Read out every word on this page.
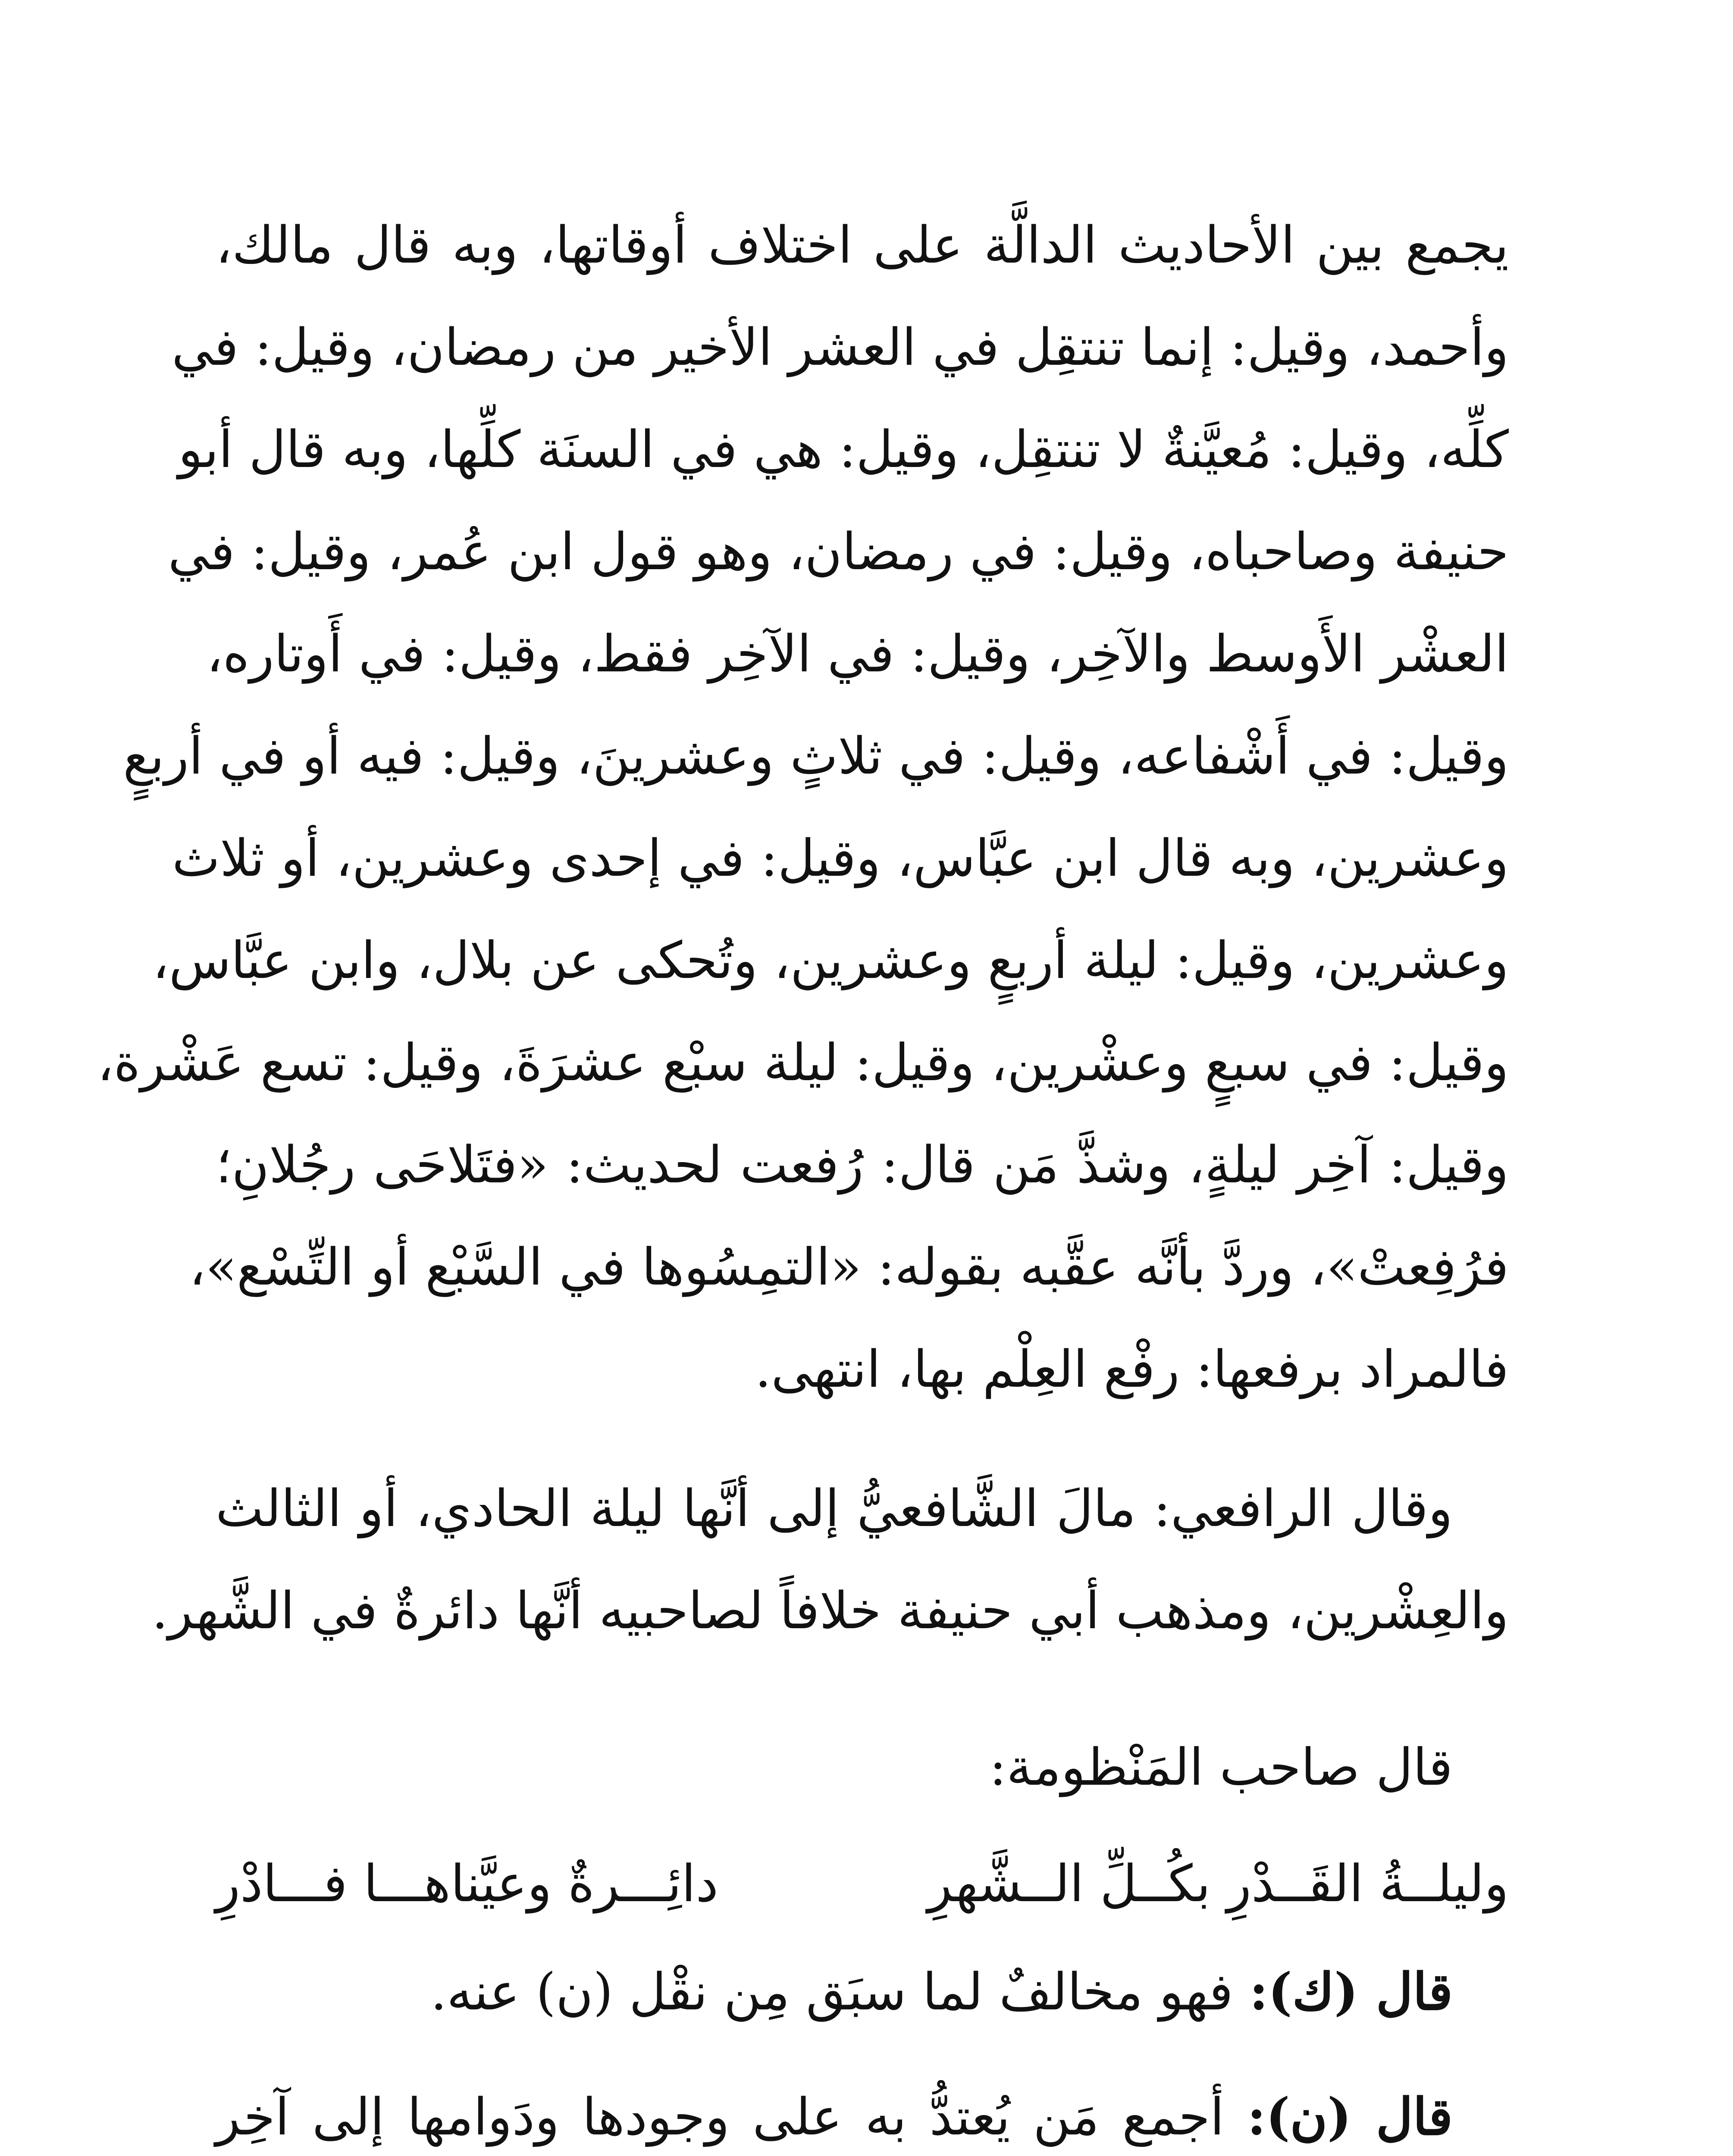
يجمع بين الأحاديث الدالَّة على اختلاف أوقاتها، وبه قال مالك،
وأحمد، وقيل: إنما تنتقِل في العشر الأخير من رمضان، وقيل: في
كلِّه، وقيل: مُعيَّنةٌ لا تنتقِل، وقيل: هي في السنَة كلِّها، وبه قال أبو
حنيفة وصاحباه، وقيل: في رمضان، وهو قول ابن عُمر، وقيل: في
العشْر الأَوسط والآخِر، وقيل: في الآخِر فقط، وقيل: في أَوتاره،
وقيل: في أَشْفاعه، وقيل: في ثلاثٍ وعشرينَ، وقيل: فيه أو في أربعٍ
وعشرين، وبه قال ابن عبَّاس، وقيل: في إحدى وعشرين، أو ثلاث
وعشرين، وقيل: ليلة أربعٍ وعشرين، وتُحكى عن بلال، وابن عبَّاس،
وقيل: في سبعٍ وعشْرين، وقيل: ليلة سبْع عشرَةَ، وقيل: تسع عَشْرة،
وقيل: آخِر ليلةٍ، وشذَّ مَن قال: رُفعت لحديث: «فتَلاحَى رجُلانِ؛
فرُفِعتْ»، وردَّ بأنَّه عقَّبه بقوله: «التمِسُوها في السَّبْع أو التِّسْع»،
فالمراد برفعها: رفْع العِلْم بها، انتهى.
وقال الرافعي: مالَ الشَّافعيُّ إلى أنَّها ليلة الحادي، أو الثالث
والعِشْرين، ومذهب أبي حنيفة خلافاً لصاحبيه أنَّها دائرةٌ في الشَّهر.
قال صاحب المَنْظومة:
وليلــةُ القَــدْرِ بكُــلِّ الــشَّهرِ
دائِـــرةٌ وعيَّناهـــا فـــادْرِ
قال (ك): فهو مخالفٌ لما سبَق مِن نقْل (ن) عنه.
قال (ن): أجمع مَن يُعتدُّ به على وجودها ودَوامها إلى آخِر
